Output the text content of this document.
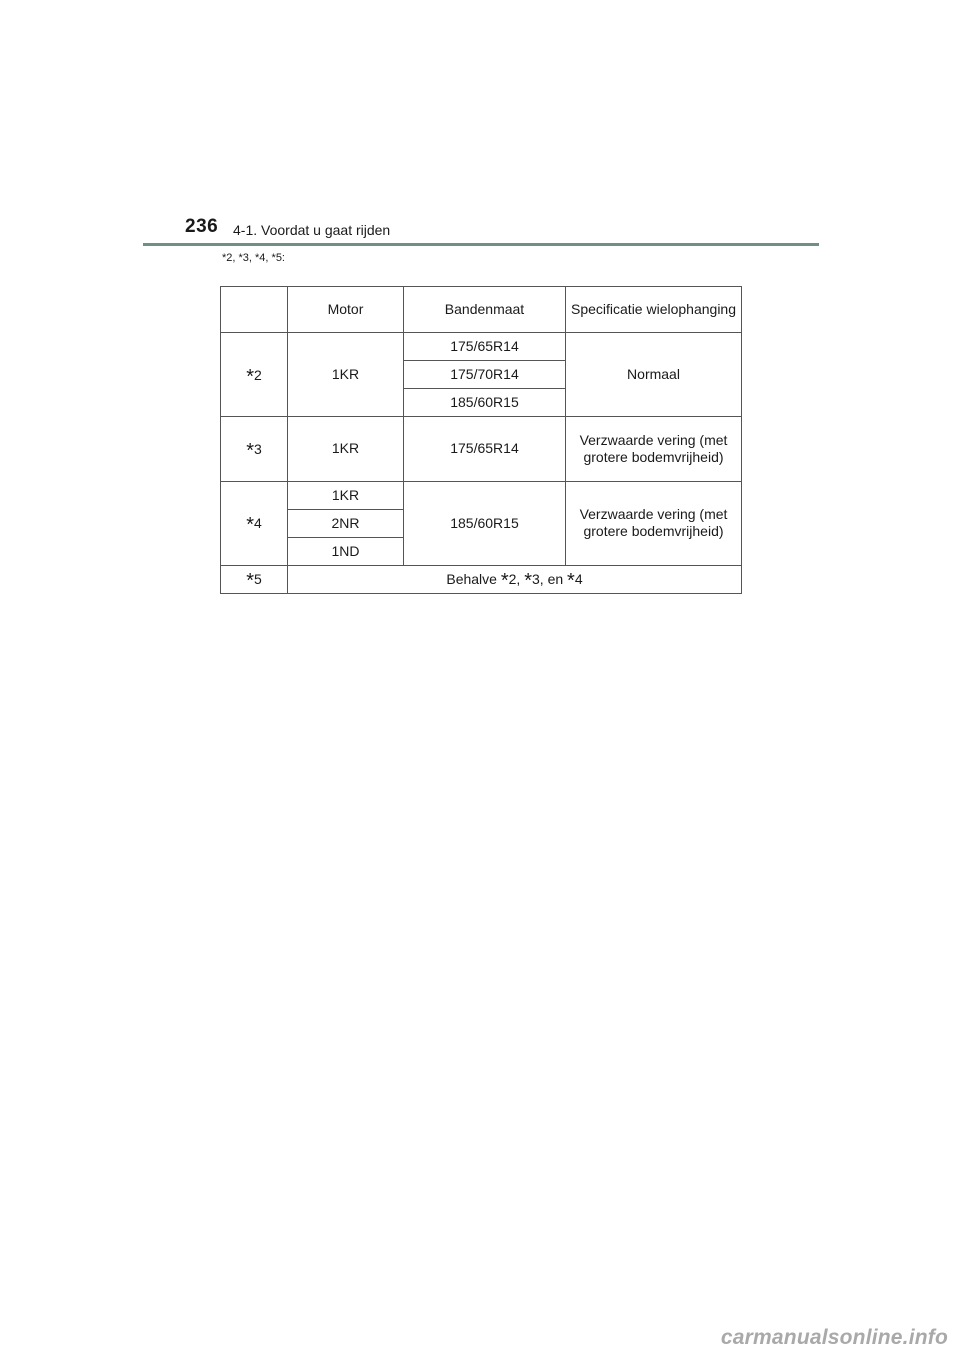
236 4-1. Voordat u gaat rijden
*2, *3, *4, *5:
	Motor	Bandenmaat	Specificatie wielophanging
*2	1KR	175/65R14	Normaal
		175/70R14	
		185/60R15	
*3	1KR	175/65R14	Verzwaarde vering (met grotere bodemvrijheid)
*4	1KR	185/60R15	Verzwaarde vering (met grotere bodemvrijheid)
	2NR		
	1ND		
*5	Behalve *2, *3, en *4		
carmanualsonline.info
